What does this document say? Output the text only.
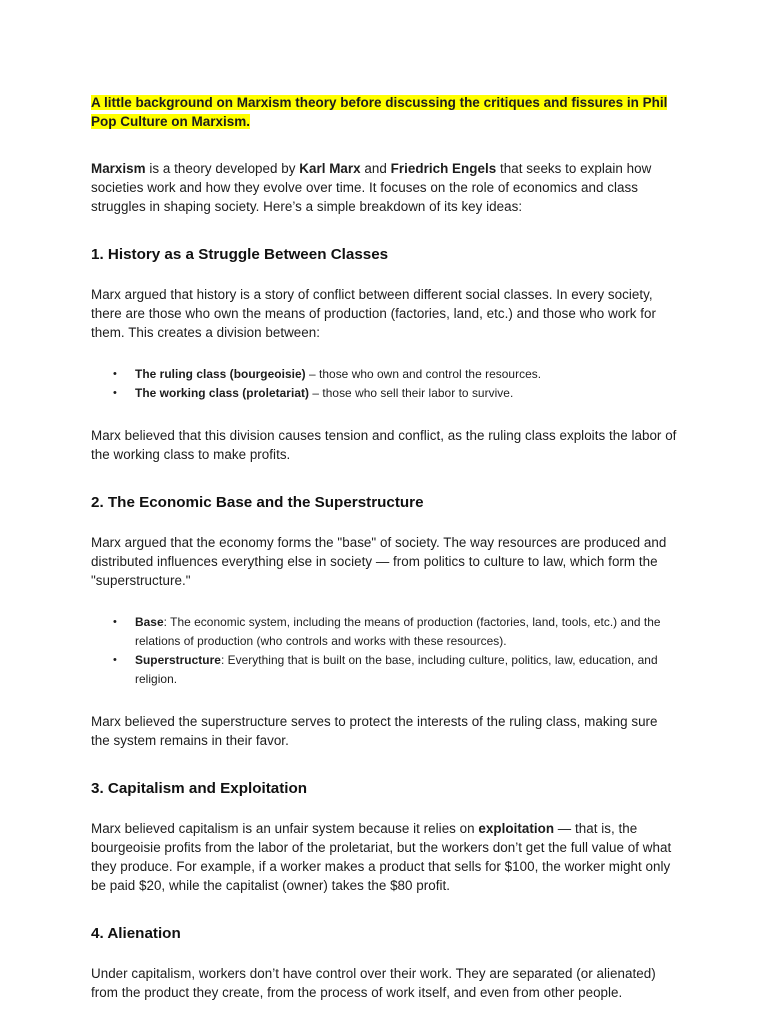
A little background on Marxism theory before discussing the critiques and fissures in Phil Pop Culture on Marxism.

Marxism is a theory developed by Karl Marx and Friedrich Engels that seeks to explain how societies work and how they evolve over time. It focuses on the role of economics and class struggles in shaping society. Here’s a simple breakdown of its key ideas:

1. History as a Struggle Between Classes

Marx argued that history is a story of conflict between different social classes. In every society, there are those who own the means of production (factories, land, etc.) and those who work for them. This creates a division between:

• The ruling class (bourgeoisie) – those who own and control the resources.
• The working class (proletariat) – those who sell their labor to survive.

Marx believed that this division causes tension and conflict, as the ruling class exploits the labor of the working class to make profits.

2. The Economic Base and the Superstructure

Marx argued that the economy forms the "base" of society. The way resources are produced and distributed influences everything else in society — from politics to culture to law, which form the "superstructure."

• Base: The economic system, including the means of production (factories, land, tools, etc.) and the relations of production (who controls and works with these resources).
• Superstructure: Everything that is built on the base, including culture, politics, law, education, and religion.

Marx believed the superstructure serves to protect the interests of the ruling class, making sure the system remains in their favor.

3. Capitalism and Exploitation

Marx believed capitalism is an unfair system because it relies on exploitation — that is, the bourgeoisie profits from the labor of the proletariat, but the workers don’t get the full value of what they produce. For example, if a worker makes a product that sells for $100, the worker might only be paid $20, while the capitalist (owner) takes the $80 profit.

4. Alienation

Under capitalism, workers don’t have control over their work. They are separated (or alienated) from the product they create, from the process of work itself, and even from other people.
